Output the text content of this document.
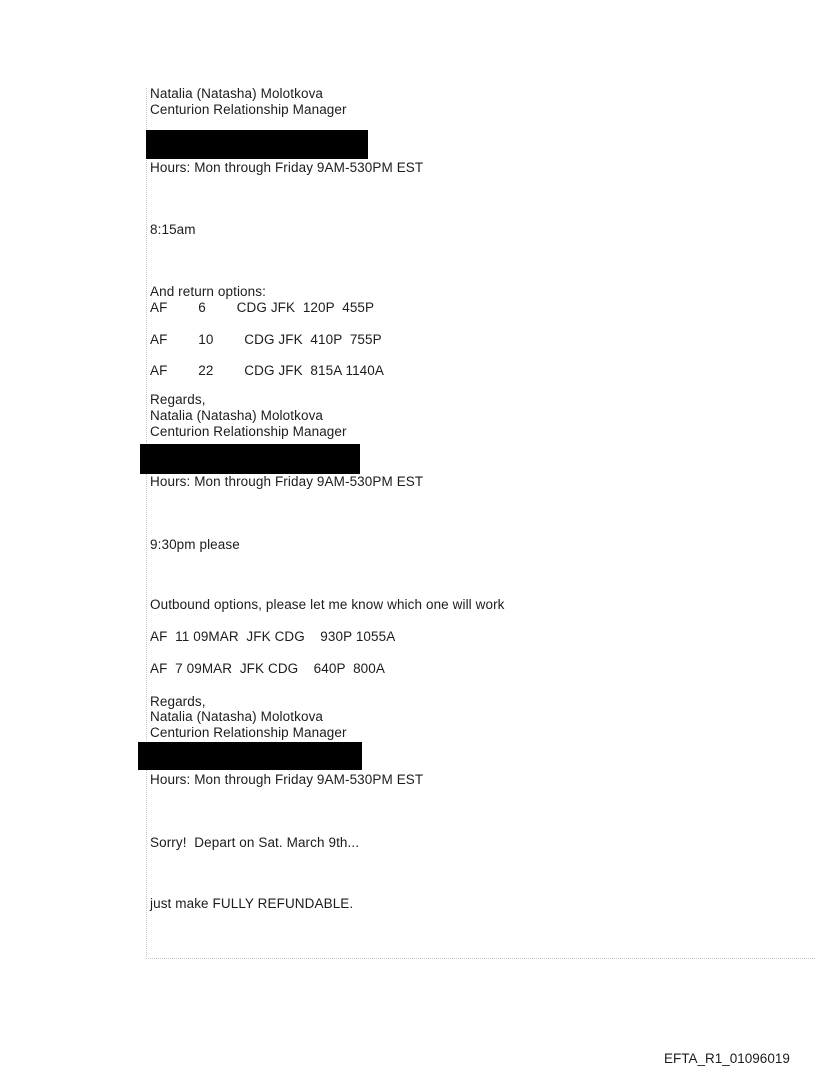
Natalia (Natasha) Molotkova
Centurion Relationship Manager
Hours: Mon through Friday 9AM-530PM EST
8:15am
And return options:
AF        6        CDG JFK  120P  455P
AF        10        CDG JFK  410P  755P
AF        22        CDG JFK  815A 1140A
Regards,
Natalia (Natasha) Molotkova
Centurion Relationship Manager
Hours: Mon through Friday 9AM-530PM EST
9:30pm please
Outbound options, please let me know which one will work
AF  11 09MAR  JFK CDG    930P 1055A
AF  7 09MAR  JFK CDG    640P  800A
Regards,
Natalia (Natasha) Molotkova
Centurion Relationship Manager
Hours: Mon through Friday 9AM-530PM EST
Sorry!  Depart on Sat. March 9th...
just make FULLY REFUNDABLE.
EFTA_R1_01096019
